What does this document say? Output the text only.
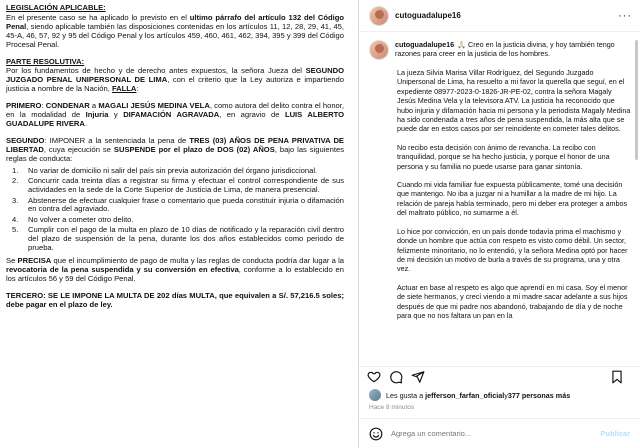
LEGISLACIÓN APLICABLE:

En el presente caso se ha aplicado lo previsto en el ultimo párrafo del artículo 132 del Código Penal, siendo aplicable también las disposiciones contenidas en los artículos 11, 12, 28, 29, 41, 45, 45-A, 46, 57, 92 y 95 del Código Penal y los artículos 459, 460, 461, 462, 394, 395 y 399 del Código Procesal Penal.

PARTE RESOLUTIVA:

Por los fundamentos de hecho y de derecho antes expuestos, la señora Jueza del SEGUNDO JUZGADO PENAL UNIPERSONAL DE LIMA, con el criterio que la Ley autoriza e impartiendo justicia a nombre de la Nación, FALLA:

PRIMERO: CONDENAR a MAGALI JESÚS MEDINA VELA, como autora del delito contra el honor, en la modalidad de Injuria y DIFAMACIÓN AGRAVADA, en agravio de LUIS ALBERTO GUADALUPE RIVERA.

SEGUNDO: IMPONER a la sentenciada la pena de TRES (03) AÑOS DE PENA PRIVATIVA DE LIBERTAD, cuya ejecución se SUSPENDE por el plazo de DOS (02) AÑOS, bajo las siguientes reglas de conducta:

1.	No variar de domicilio ni salir del país sin previa autorización del órgano jurisdiccional.
2.	Concurrir cada treinta días a registrar su firma y efectuar el control correspondiente de sus actividades en la sede de la Corte Superior de Justicia de Lima, de manera presencial.
3.	Abstenerse de efectuar cualquier frase o comentario que pueda constituir injuria o difamación en contra del agraviado.
4.	No volver a cometer otro delito.
5.	Cumplir con el pago de la multa en plazo de 10 días de notificado y la reparación civil dentro del plazo de suspensión de la pena, durante los dos años establecidos como periodo de prueba.

Se PRECISA que el incumplimiento de pago de multa y las reglas de conducta podría dar lugar a la revocatoria de la pena suspendida y su conversión en efectiva, conforme a lo establecido en los artículos 56 y 59 del Código Penal.

TERCERO: SE LE IMPONE LA MULTA DE 202 días MULTA, que equivalen a S/. 57,216.5 soles; debe pagar en el plazo de ley.

cutoguadalupe16	···
cutoguadalupe16 🙏🏻 Creo en la justicia divina, y hoy también tengo razones para creer en la justicia de los hombres.

La jueza Silvia Marisa Villar Rodríguez, del Segundo Juzgado Unipersonal de Lima, ha resuelto a mi favor la querella que seguí, en el expediente 08977-2023-0-1826-JR-PE-02, contra la señora Magaly Jesús Medina Vela y la televisora ATV. La justicia ha reconocido que hubo injuria y difamación hacia mi persona y la periodista Magaly Medina ha sido condenada a tres años de pena suspendida, la más alta que se puede dar en estos casos por ser reincidente en cometer tales delitos.

No recibo esta decisión con ánimo de revancha. La recibo con tranquilidad, porque se ha hecho justicia, y porque el honor de una persona y su familia no puede usarse para ganar sintonía.

Cuando mi vida familiar fue expuesta públicamente, tomé una decisión que mantengo. No iba a juzgar ni a humillar a la madre de mi hijo. La relación de pareja había terminado, pero mi deber era proteger a ambos del maltrato público, no sumarme a él.

Lo hice por convicción, en un país donde todavía prima el machismo y donde un hombre que actúa con respeto es visto como débil. Un sector, felizmente minoritario, no lo entendió, y la señora Medina optó por hacer de mi decisión un motivo de burla a través de su programa, una y otra vez.

Actuar en base al respeto es algo que aprendí en mi casa. Soy el menor de siete hermanos, y crecí viendo a mi madre sacar adelante a sus hijos después de que mi padre nos abandonó, trabajando de día y de noche para que no nos faltara un pan en la

Les gusta a
jefferson_farfan_oficial y 377 personas más
Hace 8 minutos
Agrega un comentario...
Publicar
